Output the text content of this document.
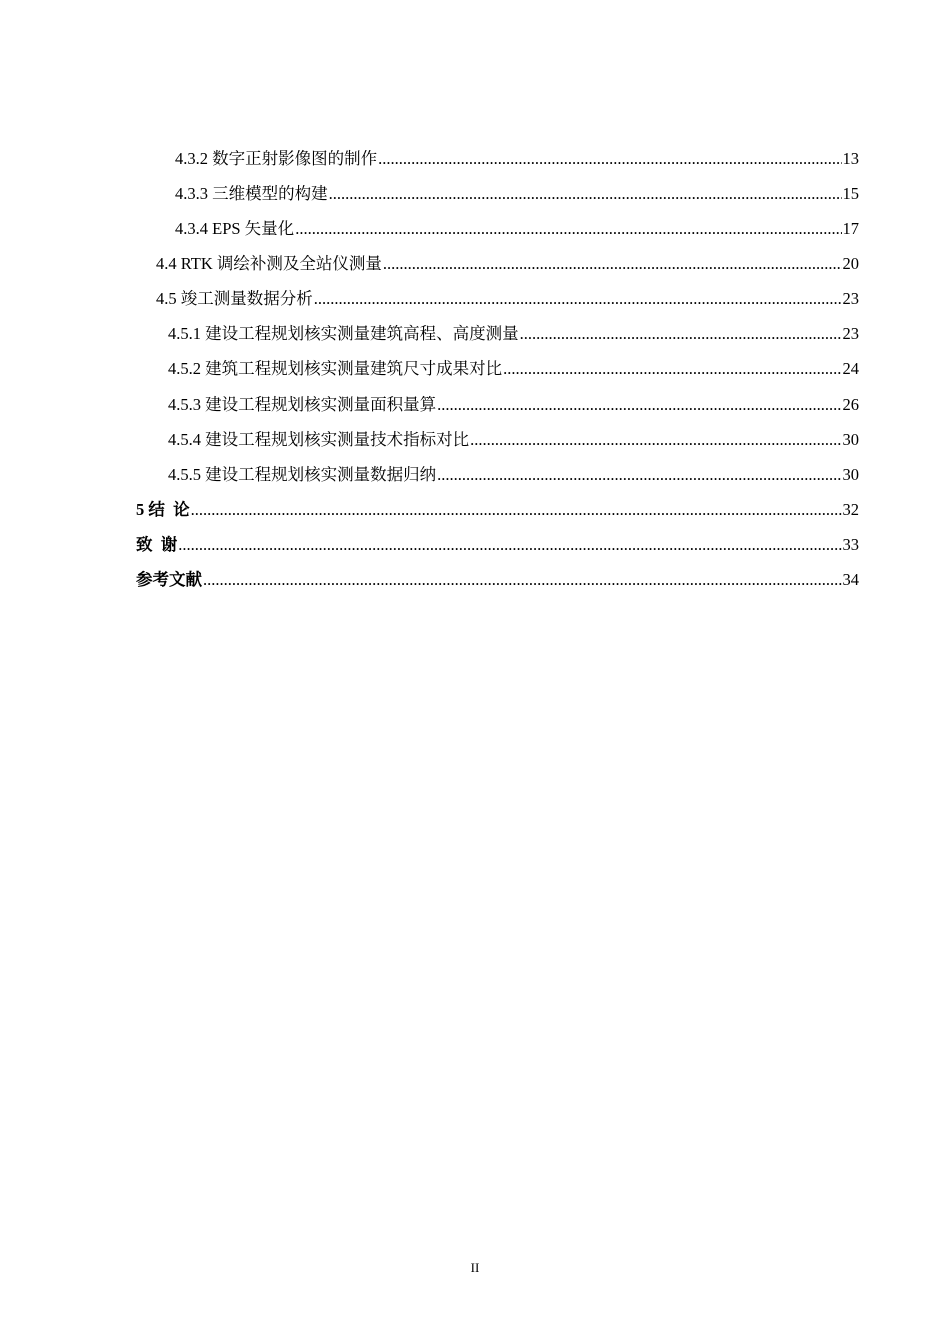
4.3.2 数字正射影像图的制作 .....	13
4.3.3 三维模型的构建 .....	15
4.3.4 EPS 矢量化 .....	17
4.4 RTK 调绘补测及全站仪测量 .....	20
4.5 竣工测量数据分析 .....	23
4.5.1 建设工程规划核实测量建筑高程、高度测量 .....	23
4.5.2 建筑工程规划核实测量建筑尺寸成果对比 .....	24
4.5.3 建设工程规划核实测量面积量算 .....	26
4.5.4 建设工程规划核实测量技术指标对比 .....	30
4.5.5 建设工程规划核实测量数据归纳 .....	30
5 结  论 .....	32
致  谢 .....	33
参考文献 .....	34
II
